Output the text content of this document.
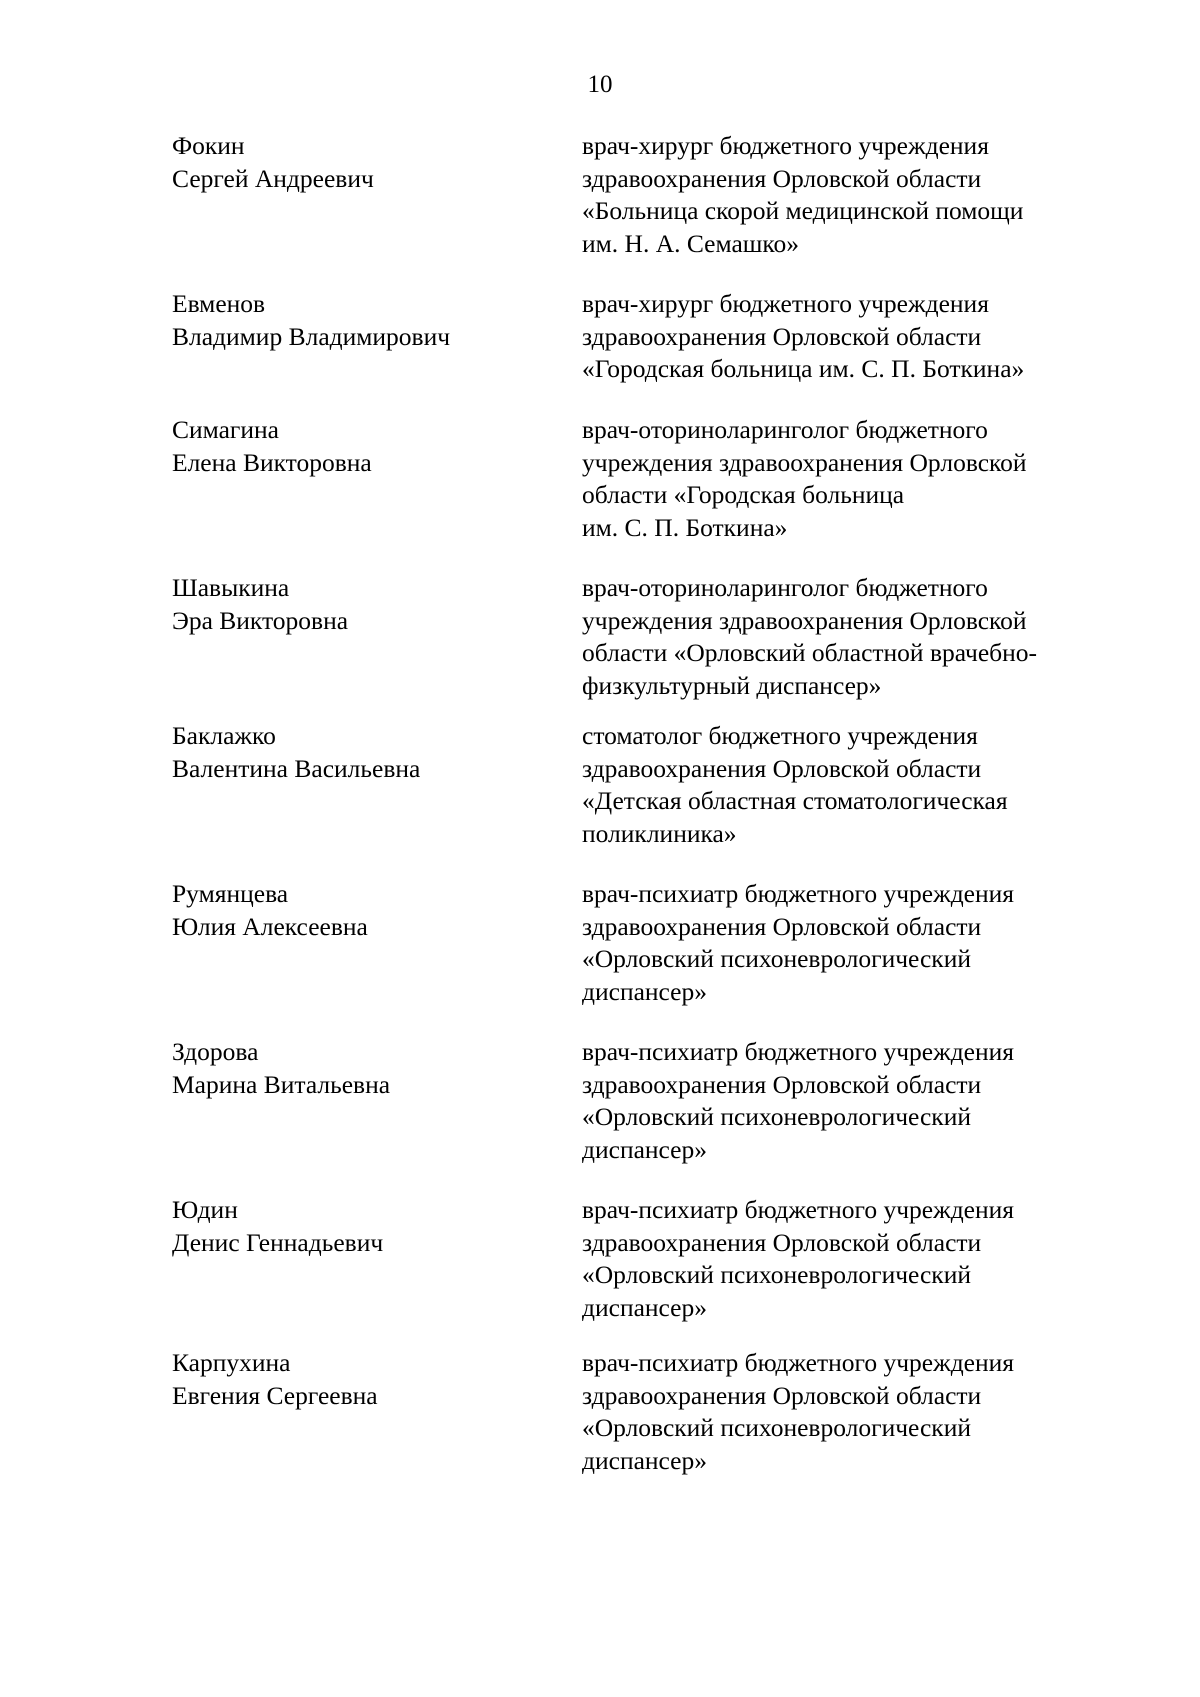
10
Фокин
Сергей Андреевич
врач-хирург бюджетного учреждения
здравоохранения Орловской области
«Больница скорой медицинской помощи
им. Н. А. Семашко»
Евменов
Владимир Владимирович
врач-хирург бюджетного учреждения
здравоохранения Орловской области
«Городская больница им. С. П. Боткина»
Симагина
Елена Викторовна
врач-оториноларинголог бюджетного
учреждения здравоохранения Орловской
области «Городская больница
им. С. П. Боткина»
Шавыкина
Эра Викторовна
врач-оториноларинголог бюджетного
учреждения здравоохранения Орловской
области «Орловский областной врачебно-
физкультурный диспансер»
Баклажко
Валентина Васильевна
стоматолог бюджетного учреждения
здравоохранения Орловской области
«Детская областная стоматологическая
поликлиника»
Румянцева
Юлия Алексеевна
врач-психиатр бюджетного учреждения
здравоохранения Орловской области
«Орловский психоневрологический
диспансер»
Здорова
Марина Витальевна
врач-психиатр бюджетного учреждения
здравоохранения Орловской области
«Орловский психоневрологический
диспансер»
Юдин
Денис Геннадьевич
врач-психиатр бюджетного учреждения
здравоохранения Орловской области
«Орловский психоневрологический
диспансер»
Карпухина
Евгения Сергеевна
врач-психиатр бюджетного учреждения
здравоохранения Орловской области
«Орловский психоневрологический
диспансер»
